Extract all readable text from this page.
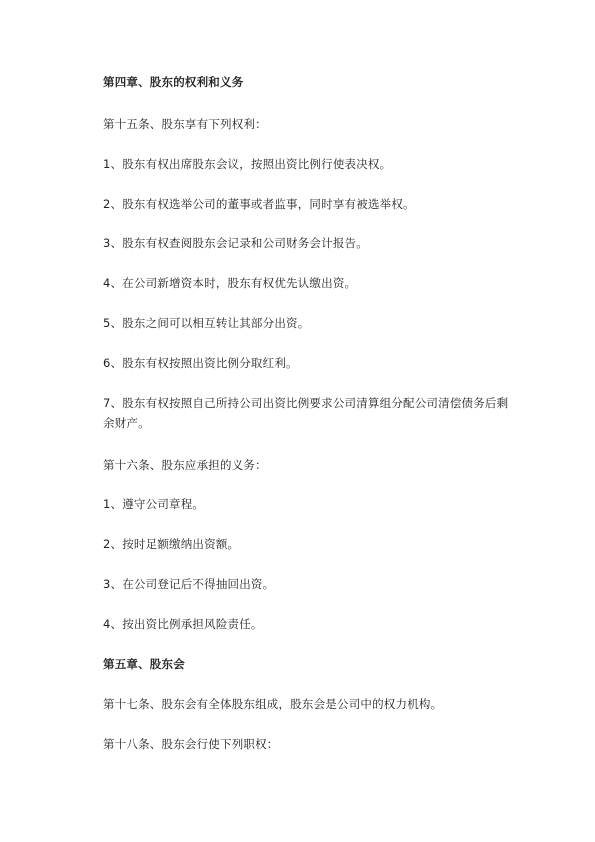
第四章、股东的权利和义务
第十五条、股东享有下列权利：
1、股东有权出席股东会议，按照出资比例行使表决权。
2、股东有权选举公司的董事或者监事，同时享有被选举权。
3、股东有权查阅股东会记录和公司财务会计报告。
4、在公司新增资本时，股东有权优先认缴出资。
5、股东之间可以相互转让其部分出资。
6、股东有权按照出资比例分取红利。
7、股东有权按照自己所持公司出资比例要求公司清算组分配公司清偿债务后剩
余财产。
第十六条、股东应承担的义务：
1、遵守公司章程。
2、按时足额缴纳出资额。
3、在公司登记后不得抽回出资。
4、按出资比例承担风险责任。
第五章、股东会
第十七条、股东会有全体股东组成，股东会是公司中的权力机构。
第十八条、股东会行使下列职权：
